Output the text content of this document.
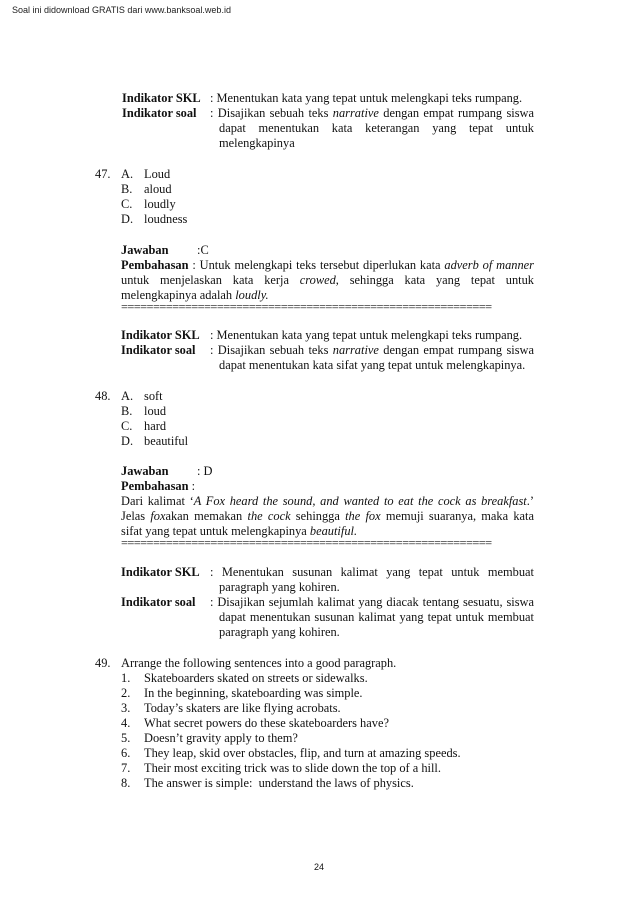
Soal ini didownload GRATIS dari www.banksoal.web.id
Indikator SKL : Menentukan kata yang tepat untuk melengkapi teks rumpang.
Indikator soal : Disajikan sebuah teks narrative dengan empat rumpang siswa
dapat menentukan kata keterangan yang tepat untuk
melengkapinya
47. A. Loud
B. aloud
C. loudly
D. loudness
Jawaban :C
Pembahasan : Untuk melengkapi teks tersebut diperlukan kata adverb of manner
untuk menjelaskan kata kerja crowed, sehingga kata yang tepat untuk
melengkapinya adalah loudly.
==========================================================
Indikator SKL : Menentukan kata yang tepat untuk melengkapi teks rumpang.
Indikator soal : Disajikan sebuah teks narrative dengan empat rumpang siswa
dapat menentukan kata sifat yang tepat untuk melengkapinya.
48. A. soft
B. loud
C. hard
D. beautiful
Jawaban : D
Pembahasan :
Dari kalimat ‘A Fox heard the sound, and wanted to eat the cock as breakfast.’
Jelas foxakan memakan the cock sehingga the fox memuji suaranya, maka kata
sifat yang tepat untuk melengkapinya beautiful.
==========================================================
Indikator SKL : Menentukan susunan kalimat yang tepat untuk membuat
paragraph yang kohiren.
Indikator soal : Disajikan sejumlah kalimat yang diacak tentang sesuatu, siswa
dapat menentukan susunan kalimat yang tepat untuk membuat
paragraph yang kohiren.
49. Arrange the following sentences into a good paragraph.
1. Skateboarders skated on streets or sidewalks.
2. In the beginning, skateboarding was simple.
3. Today’s skaters are like flying acrobats.
4. What secret powers do these skateboarders have?
5. Doesn’t gravity apply to them?
6. They leap, skid over obstacles, flip, and turn at amazing speeds.
7. Their most exciting trick was to slide down the top of a hill.
8. The answer is simple:  understand the laws of physics.
24
